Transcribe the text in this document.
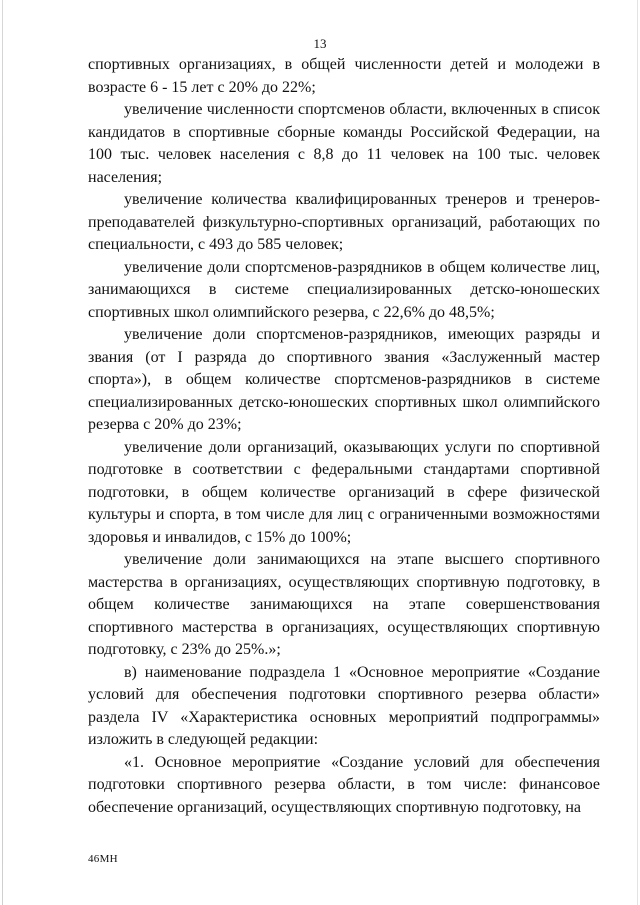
13

спортивных организациях, в общей численности детей и молодежи в возрасте 6 - 15 лет с 20% до 22%;

увеличение численности спортсменов области, включенных в список кандидатов в спортивные сборные команды Российской Федерации, на 100 тыс. человек населения с 8,8 до 11 человек на 100 тыс. человек населения;

увеличение количества квалифицированных тренеров и тренеров-преподавателей физкультурно-спортивных организаций, работающих по специальности, с 493 до 585 человек;

увеличение доли спортсменов-разрядников в общем количестве лиц, занимающихся в системе специализированных детско-юношеских спортивных школ олимпийского резерва, с 22,6% до 48,5%;

увеличение доли спортсменов-разрядников, имеющих разряды и звания (от I разряда до спортивного звания «Заслуженный мастер спорта»), в общем количестве спортсменов-разрядников в системе специализированных детско-юношеских спортивных школ олимпийского резерва с 20% до 23%;

увеличение доли организаций, оказывающих услуги по спортивной подготовке в соответствии с федеральными стандартами спортивной подготовки, в общем количестве организаций в сфере физической культуры и спорта, в том числе для лиц с ограниченными возможностями здоровья и инвалидов, с 15% до 100%;

увеличение доли занимающихся на этапе высшего спортивного мастерства в организациях, осуществляющих спортивную подготовку, в общем количестве занимающихся на этапе совершенствования спортивного мастерства в организациях, осуществляющих спортивную подготовку, с 23% до 25%.»;

в) наименование подраздела 1 «Основное мероприятие «Создание условий для обеспечения подготовки спортивного резерва области» раздела IV «Характеристика основных мероприятий подпрограммы» изложить в следующей редакции:

«1. Основное мероприятие «Создание условий для обеспечения подготовки спортивного резерва области, в том числе: финансовое обеспечение организаций, осуществляющих спортивную подготовку, на

46МН
